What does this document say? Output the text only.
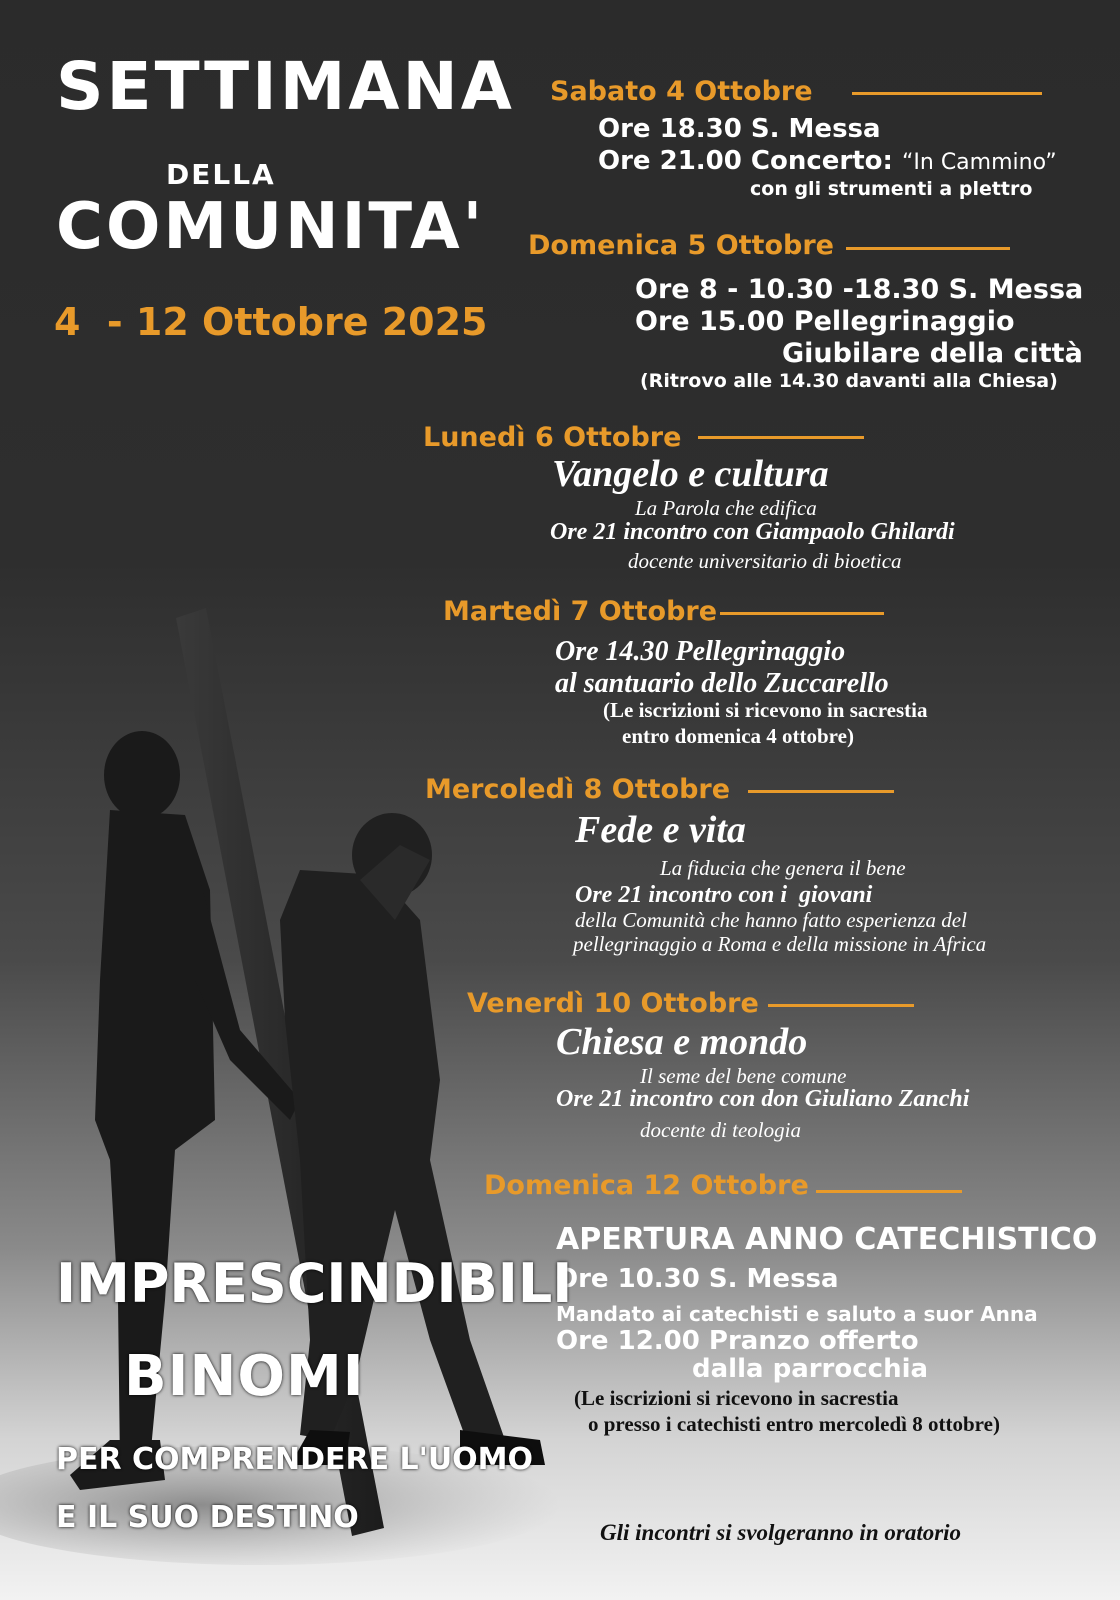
SETTIMANA
DELLA
COMUNITA'
4  - 12 Ottobre 2025
Sabato 4 Ottobre
Ore 18.30 S. Messa
Ore 21.00 Concerto: “In Cammino”
con gli strumenti a plettro
Domenica 5 Ottobre
Ore 8 - 10.30 -18.30 S. Messa
Ore 15.00 Pellegrinaggio
Giubilare della città
(Ritrovo alle 14.30 davanti alla Chiesa)
Lunedì 6 Ottobre
Vangelo e cultura
La Parola che edifica
Ore 21 incontro con Giampaolo Ghilardi
docente universitario di bioetica
Martedì 7 Ottobre
Ore 14.30 Pellegrinaggio
al santuario dello Zuccarello
(Le iscrizioni si ricevono in sacrestia
entro domenica 4 ottobre)
Mercoledì 8 Ottobre
Fede e vita
La fiducia che genera il bene
Ore 21 incontro con i  giovani
della Comunità che hanno fatto esperienza del
pellegrinaggio a Roma e della missione in Africa
Venerdì 10 Ottobre
Chiesa e mondo
Il seme del bene comune
Ore 21 incontro con don Giuliano Zanchi
docente di teologia
Domenica 12 Ottobre
APERTURA ANNO CATECHISTICO
Ore 10.30 S. Messa
Mandato ai catechisti e saluto a suor Anna
Ore 12.00 Pranzo offerto
dalla parrocchia
(Le iscrizioni si ricevono in sacrestia
o presso i catechisti entro mercoledì 8 ottobre)
IMPRESCINDIBILI
BINOMI
PER COMPRENDERE L'UOMO
E IL SUO DESTINO	Gli incontri si svolgeranno in oratorio
